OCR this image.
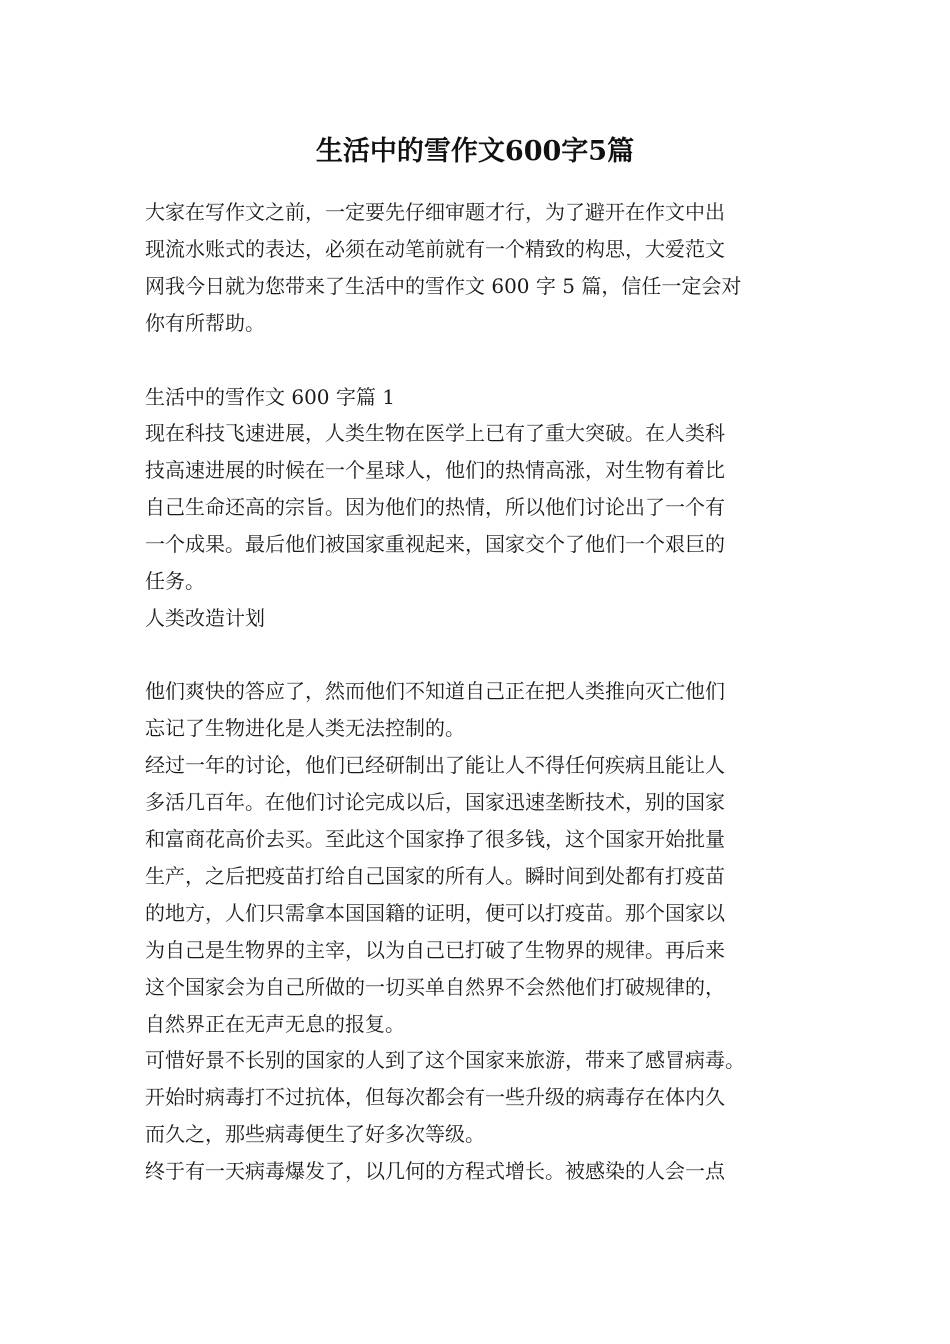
生活中的雪作文600字5篇

大家在写作文之前，一定要先仔细审题才行，为了避开在作文中出

现流水账式的表达，必须在动笔前就有一个精致的构思，大爱范文

网我今日就为您带来了生活中的雪作文 600 字 5 篇，信任一定会对

你有所帮助。

生活中的雪作文 600 字篇 1

现在科技飞速进展，人类生物在医学上已有了重大突破。在人类科

技高速进展的时候在一个星球人，他们的热情高涨，对生物有着比

自己生命还高的宗旨。因为他们的热情，所以他们讨论出了一个有

一个成果。最后他们被国家重视起来，国家交个了他们一个艰巨的

任务。

人类改造计划

他们爽快的答应了，然而他们不知道自己正在把人类推向灭亡他们

忘记了生物进化是人类无法控制的。

经过一年的讨论，他们已经研制出了能让人不得任何疾病且能让人

多活几百年。在他们讨论完成以后，国家迅速垄断技术，别的国家

和富商花高价去买。至此这个国家挣了很多钱，这个国家开始批量

生产，之后把疫苗打给自己国家的所有人。瞬时间到处都有打疫苗

的地方，人们只需拿本国国籍的证明，便可以打疫苗。那个国家以

为自己是生物界的主宰，以为自己已打破了生物界的规律。再后来

这个国家会为自己所做的一切买单自然界不会然他们打破规律的，

自然界正在无声无息的报复。

可惜好景不长别的国家的人到了这个国家来旅游，带来了感冒病毒。

开始时病毒打不过抗体，但每次都会有一些升级的病毒存在体内久

而久之，那些病毒便生了好多次等级。

终于有一天病毒爆发了，以几何的方程式增长。被感染的人会一点
